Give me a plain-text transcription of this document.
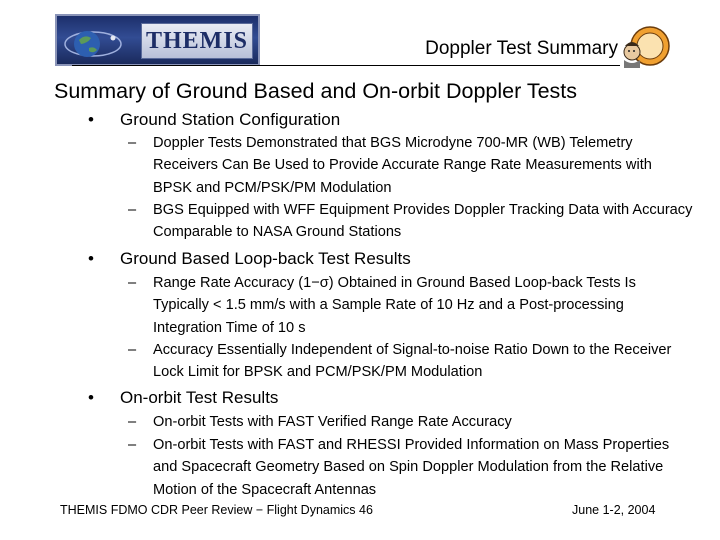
THEMIS	Doppler Test Summary
Summary of Ground Based and On-orbit Doppler Tests
• Ground Station Configuration
– Doppler Tests Demonstrated that BGS Microdyne 700-MR (WB) Telemetry Receivers Can Be Used to Provide Accurate Range Rate Measurements with BPSK and PCM/PSK/PM Modulation
– BGS Equipped with WFF Equipment Provides Doppler Tracking Data with Accuracy Comparable to NASA Ground Stations
• Ground Based Loop-back Test Results
– Range Rate Accuracy (1−σ) Obtained in Ground Based Loop-back Tests Is Typically < 1.5 mm/s with a Sample Rate of 10 Hz and a Post-processing Integration Time of 10 s
– Accuracy Essentially Independent of Signal-to-noise Ratio Down to the Receiver Lock Limit for BPSK and PCM/PSK/PM Modulation
• On-orbit Test Results
– On-orbit Tests with FAST Verified Range Rate Accuracy
– On-orbit Tests with FAST and RHESSI Provided Information on Mass Properties and Spacecraft Geometry Based on Spin Doppler Modulation from the Relative Motion of the Spacecraft Antennas
THEMIS FDMO CDR Peer Review − Flight Dynamics 46	June 1-2, 2004
